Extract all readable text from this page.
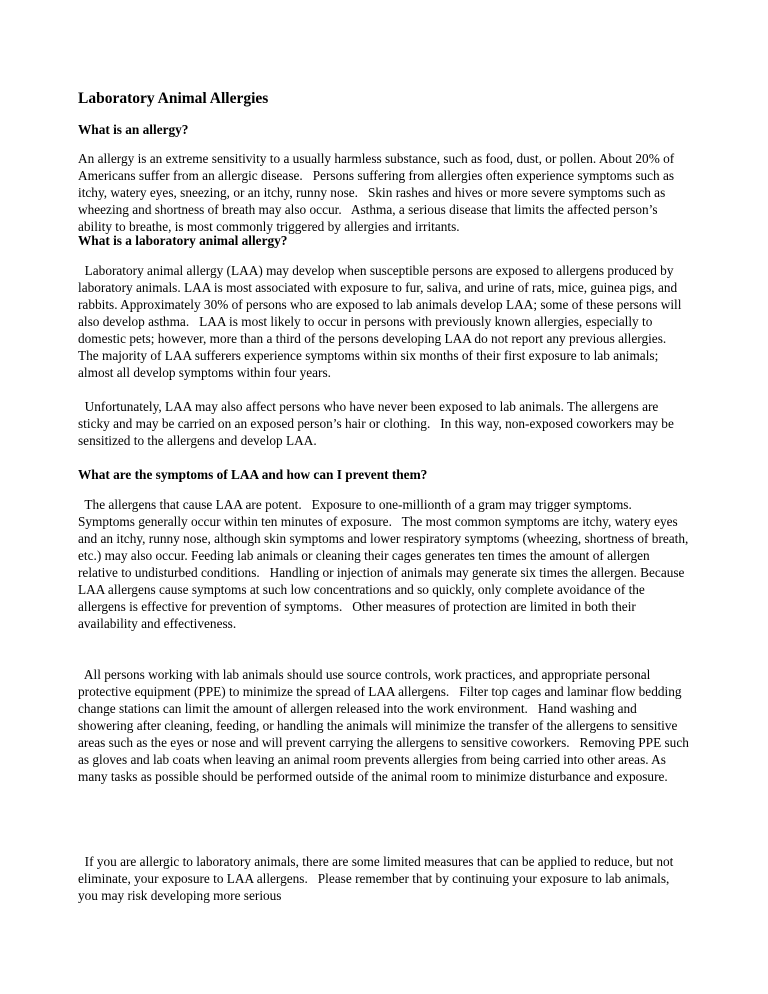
Laboratory Animal Allergies
What is an allergy?
An allergy is an extreme sensitivity to a usually harmless substance, such as food, dust, or pollen. About 20% of Americans suffer from an allergic disease.   Persons suffering from allergies often experience symptoms such as itchy, watery eyes, sneezing, or an itchy, runny nose.   Skin rashes and hives or more severe symptoms such as wheezing and shortness of breath may also occur.   Asthma, a serious disease that limits the affected person’s ability to breathe, is most commonly triggered by allergies and irritants.
What is a laboratory animal allergy?
Laboratory animal allergy (LAA) may develop when susceptible persons are exposed to allergens produced by laboratory animals. LAA is most associated with exposure to fur, saliva, and urine of rats, mice, guinea pigs, and rabbits. Approximately 30% of persons who are exposed to lab animals develop LAA; some of these persons will also develop asthma.   LAA is most likely to occur in persons with previously known allergies, especially to domestic pets; however, more than a third of the persons developing LAA do not report any previous allergies.   The majority of LAA sufferers experience symptoms within six months of their first exposure to lab animals; almost all develop symptoms within four years.
Unfortunately, LAA may also affect persons who have never been exposed to lab animals. The allergens are sticky and may be carried on an exposed person’s hair or clothing.   In this way, non-exposed coworkers may be sensitized to the allergens and develop LAA.
What are the symptoms of LAA and how can I prevent them?
The allergens that cause LAA are potent.   Exposure to one-millionth of a gram may trigger symptoms. Symptoms generally occur within ten minutes of exposure.   The most common symptoms are itchy, watery eyes and an itchy, runny nose, although skin symptoms and lower respiratory symptoms (wheezing, shortness of breath, etc.) may also occur. Feeding lab animals or cleaning their cages generates ten times the amount of allergen relative to undisturbed conditions.   Handling or injection of animals may generate six times the allergen. Because LAA allergens cause symptoms at such low concentrations and so quickly, only complete avoidance of the allergens is effective for prevention of symptoms.   Other measures of protection are limited in both their availability and effectiveness.
All persons working with lab animals should use source controls, work practices, and appropriate personal protective equipment (PPE) to minimize the spread of LAA allergens.   Filter top cages and laminar flow bedding change stations can limit the amount of allergen released into the work environment.   Hand washing and showering after cleaning, feeding, or handling the animals will minimize the transfer of the allergens to sensitive areas such as the eyes or nose and will prevent carrying the allergens to sensitive coworkers.   Removing PPE such as gloves and lab coats when leaving an animal room prevents allergies from being carried into other areas. As many tasks as possible should be performed outside of the animal room to minimize disturbance and exposure.
If you are allergic to laboratory animals, there are some limited measures that can be applied to reduce, but not eliminate, your exposure to LAA allergens.   Please remember that by continuing your exposure to lab animals, you may risk developing more serious
